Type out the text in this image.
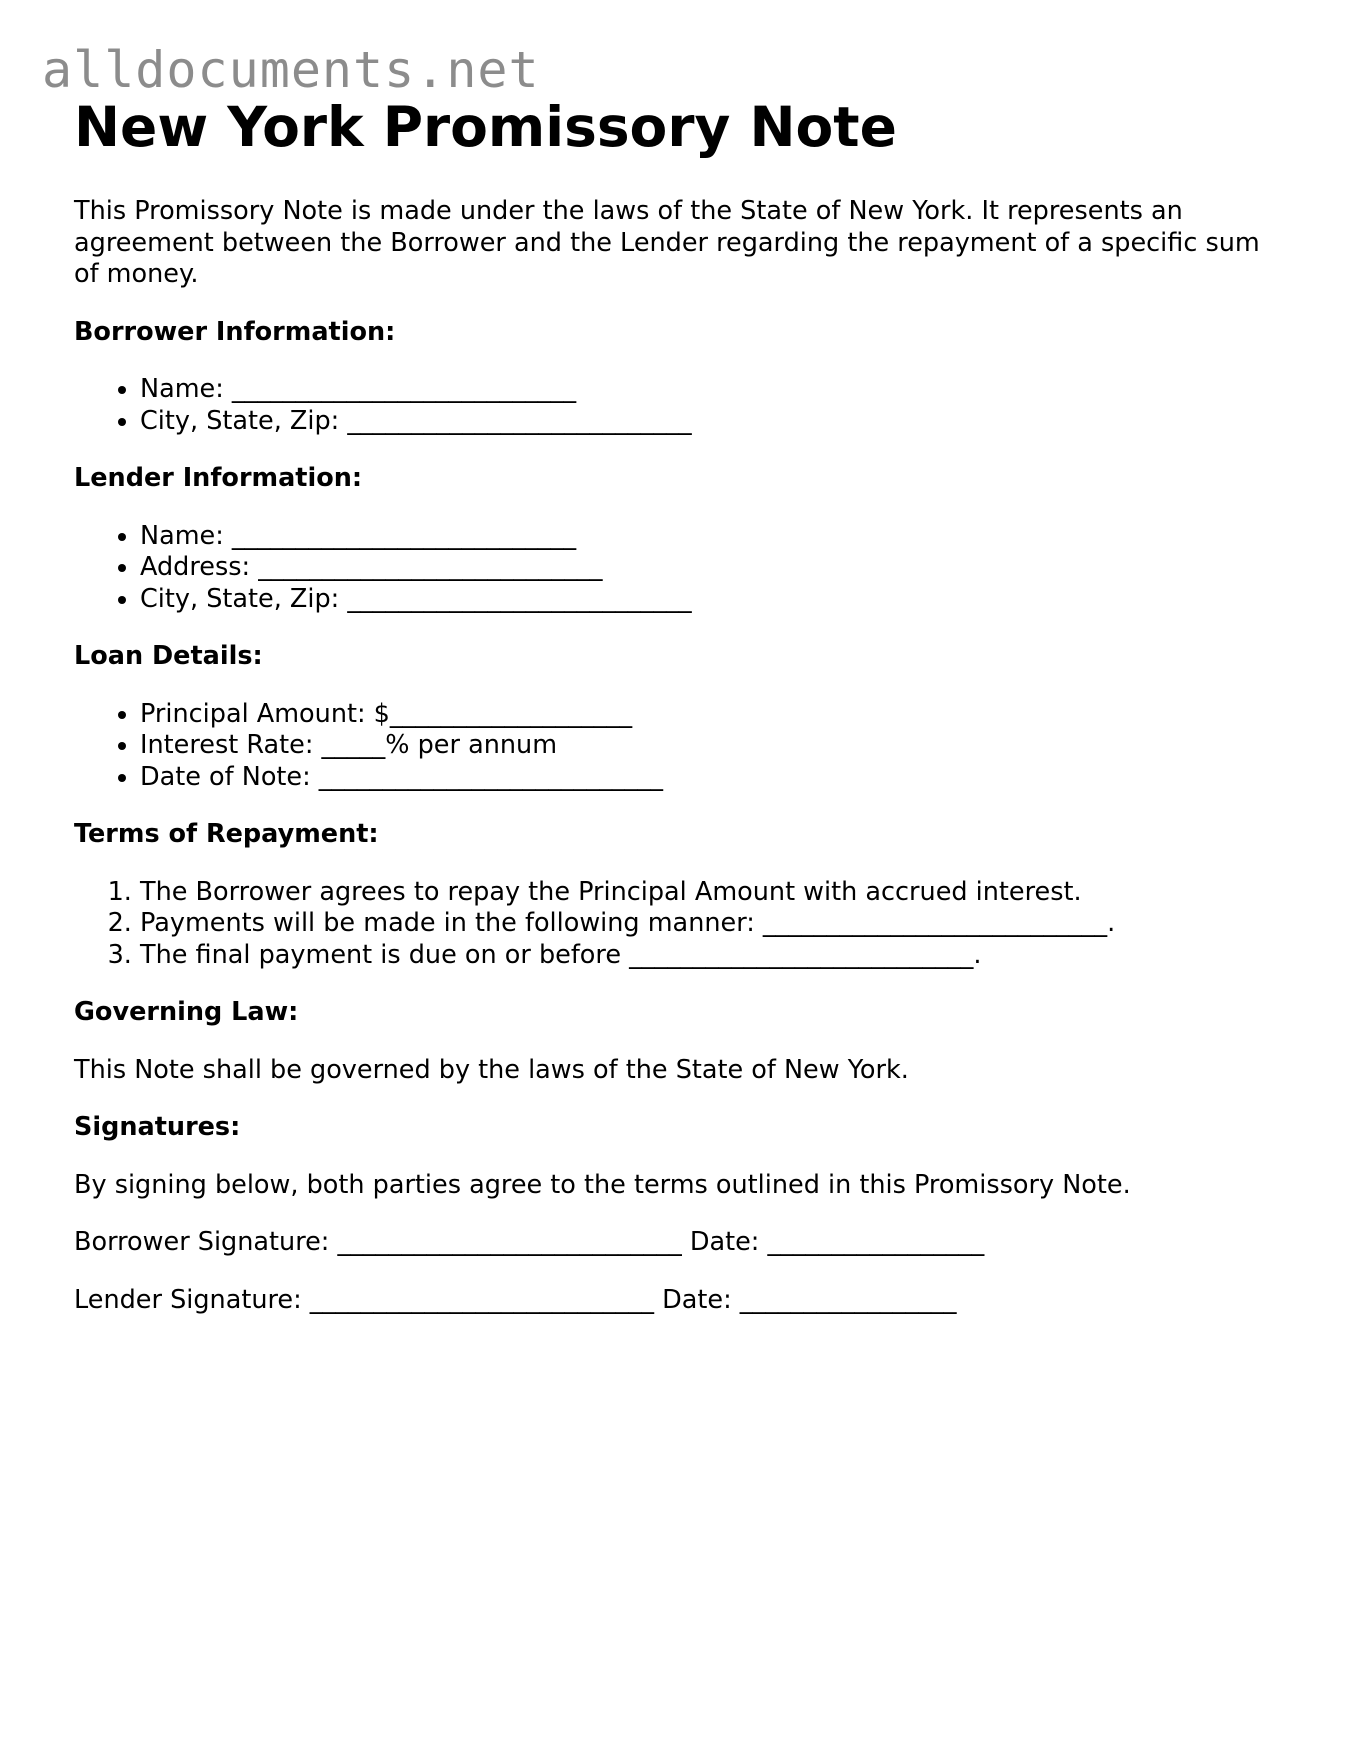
alldocuments.net
New York Promissory Note

This Promissory Note is made under the laws of the State of New York. It represents an agreement between the Borrower and the Lender regarding the repayment of a specific sum of money.

Borrower Information:
• Name: ___________________________
• City, State, Zip: ___________________________
Lender Information:
• Name: ___________________________
• Address: ___________________________
• City, State, Zip: ___________________________
Loan Details:
• Principal Amount: $___________________
• Interest Rate: _____% per annum
• Date of Note: ___________________________
Terms of Repayment:
1. The Borrower agrees to repay the Principal Amount with accrued interest.
2. Payments will be made in the following manner: ___________________________.
3. The final payment is due on or before ___________________________.
Governing Law:

This Note shall be governed by the laws of the State of New York.

Signatures:

By signing below, both parties agree to the terms outlined in this Promissory Note.

Borrower Signature: ___________________________ Date: _________________

Lender Signature: ___________________________ Date: _________________
